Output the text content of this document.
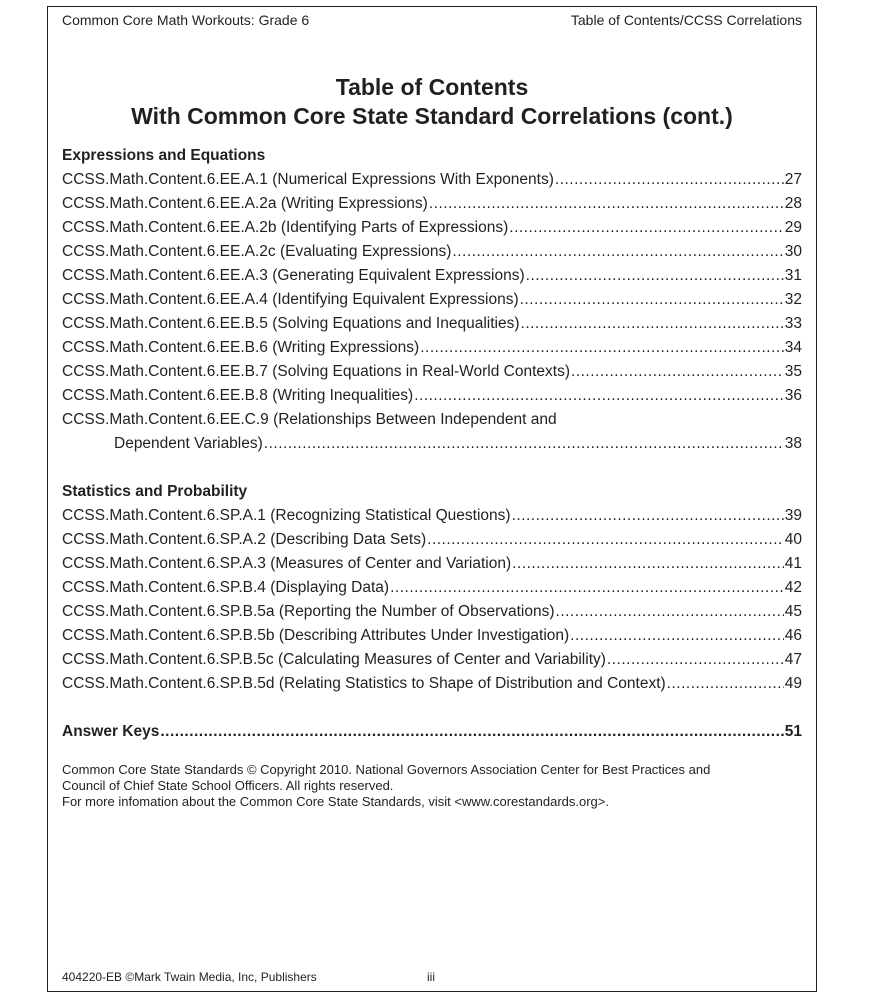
Common Core Math Workouts: Grade 6	Table of Contents/CCSS Correlations
Table of Contents
With Common Core State Standard Correlations (cont.)
Expressions and Equations
CCSS.Math.Content.6.EE.A.1 (Numerical Expressions With Exponents) .....	27
CCSS.Math.Content.6.EE.A.2a (Writing Expressions) .....	28
CCSS.Math.Content.6.EE.A.2b (Identifying Parts of Expressions) .....	29
CCSS.Math.Content.6.EE.A.2c (Evaluating Expressions) .....	30
CCSS.Math.Content.6.EE.A.3 (Generating Equivalent Expressions) .....	31
CCSS.Math.Content.6.EE.A.4 (Identifying Equivalent Expressions) .....	32
CCSS.Math.Content.6.EE.B.5 (Solving Equations and Inequalities) .....	33
CCSS.Math.Content.6.EE.B.6 (Writing Expressions) .....	34
CCSS.Math.Content.6.EE.B.7 (Solving Equations in Real-World Contexts) .....	35
CCSS.Math.Content.6.EE.B.8 (Writing Inequalities) .....	36
CCSS.Math.Content.6.EE.C.9 (Relationships Between Independent and
Dependent Variables) .....	38
Statistics and Probability
CCSS.Math.Content.6.SP.A.1 (Recognizing Statistical Questions) .....	39
CCSS.Math.Content.6.SP.A.2 (Describing Data Sets) .....	40
CCSS.Math.Content.6.SP.A.3 (Measures of Center and Variation) .....	41
CCSS.Math.Content.6.SP.B.4 (Displaying Data) .....	42
CCSS.Math.Content.6.SP.B.5a (Reporting the Number of Observations) .....	45
CCSS.Math.Content.6.SP.B.5b (Describing Attributes Under Investigation) .....	46
CCSS.Math.Content.6.SP.B.5c (Calculating Measures of Center and Variability) .....	47
CCSS.Math.Content.6.SP.B.5d (Relating Statistics to Shape of Distribution and Context) .....	49
Answer Keys .....	51
Common Core State Standards © Copyright 2010. National Governors Association Center for Best Practices and
Council of Chief State School Officers. All rights reserved.
For more infomation about the Common Core State Standards, visit <www.corestandards.org>.
404220-EB ©Mark Twain Media, Inc, Publishers	iii
